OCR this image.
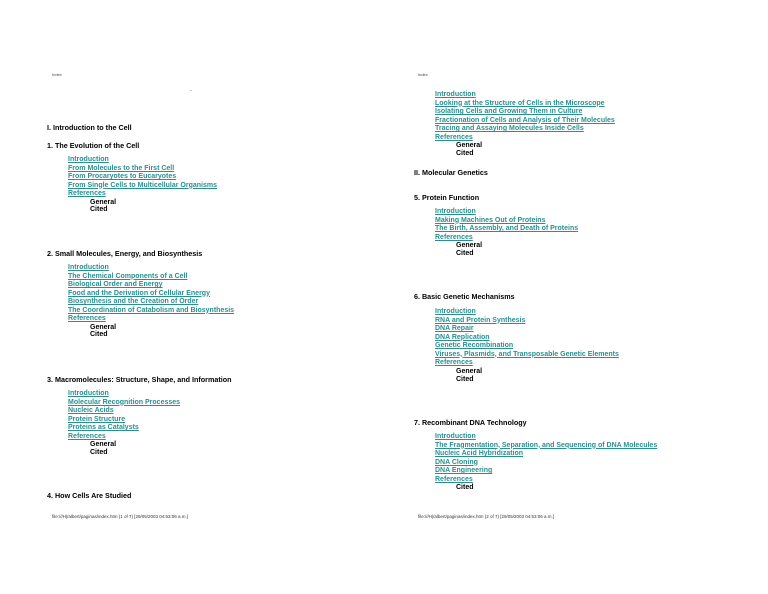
Index
-
I. Introduction to the Cell
1. The Evolution of the Cell
Introduction
From Molecules to the First Cell
From Procaryotes to Eucaryotes
From Single Cells to Multicellular Organisms
References
General
Cited
2. Small Molecules, Energy, and Biosynthesis
Introduction
The Chemical Components of a Cell
Biological Order and Energy
Food and the Derivation of Cellular Energy
Biosynthesis and the Creation of Order
The Coordination of Catabolism and Biosynthesis
References
General
Cited
3. Macromolecules: Structure, Shape, and Information
Introduction
Molecular Recognition Processes
Nucleic Acids
Protein Structure
Proteins as Catalysts
References
General
Cited
4. How Cells Are Studied
file:///H|/albert/paginas/index.htm (1 of 7) [29/05/2003 04:53:06 a.m.]
Index
Introduction
Looking at the Structure of Cells in the Microscope
Isolating Cells and Growing Them in Culture
Fractionation of Cells and Analysis of Their Molecules
Tracing and Assaying Molecules Inside Cells
References
General
Cited
II. Molecular Genetics
5. Protein Function
Introduction
Making Machines Out of Proteins
The Birth, Assembly, and Death of Proteins
References
General
Cited
6. Basic Genetic Mechanisms
Introduction
RNA and Protein Synthesis
DNA Repair
DNA Replication
Genetic Recombination
Viruses, Plasmids, and Transposable Genetic Elements
References
General
Cited
7. Recombinant DNA Technology
Introduction
The Fragmentation, Separation, and Sequencing of DNA Molecules
Nucleic Acid Hybridization
DNA Cloning
DNA Engineering
References
Cited
file:///H|/albert/paginas/index.htm (2 of 7) [29/05/2003 04:53:06 a.m.]
